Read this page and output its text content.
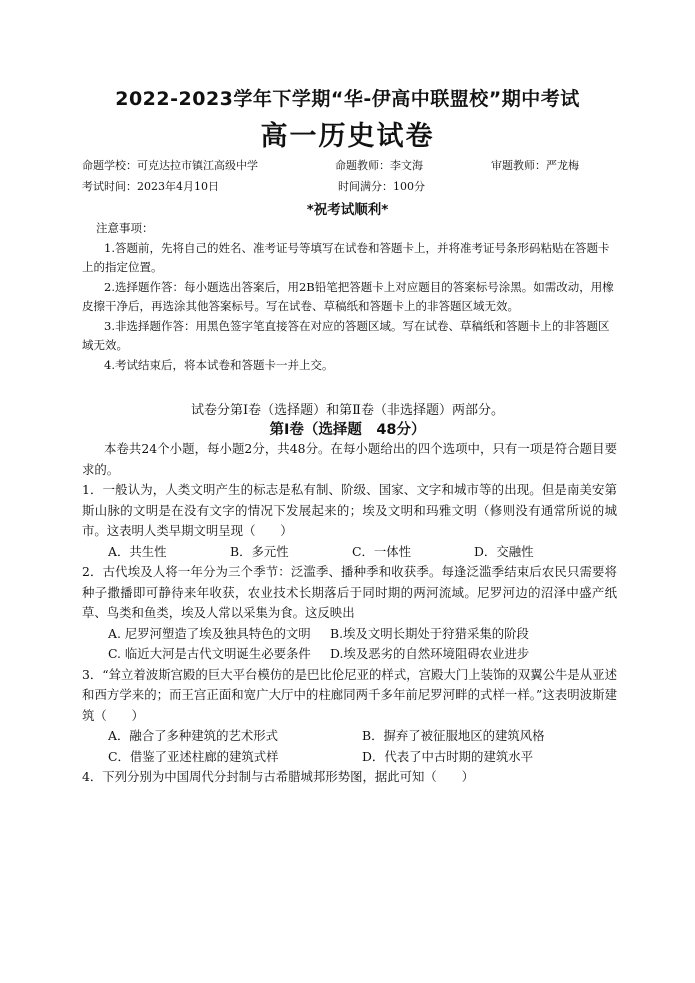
2022-2023学年下学期“华-伊高中联盟校”期中考试
高一历史试卷
命题学校：可克达拉市镇江高级中学	命题教师：李文海	审题教师：严龙梅
考试时间：2023年4月10日	时间满分：100分
*祝考试顺利*

注意事项：

1.答题前，先将自己的姓名、准考证号等填写在试卷和答题卡上，并将准考证号条形码粘贴在答题卡上的指定位置。

2.选择题作答：每小题选出答案后，用2B铅笔把答题卡上对应题目的答案标号涂黑。如需改动，用橡皮擦干净后，再选涂其他答案标号。写在试卷、草稿纸和答题卡上的非答题区域无效。

3.非选择题作答：用黑色签字笔直接答在对应的答题区域。写在试卷、草稿纸和答题卡上的非答题区域无效。

4.考试结束后，将本试卷和答题卡一并上交。

试卷分第Ⅰ卷（选择题）和第Ⅱ卷（非选择题）两部分。
第Ⅰ卷（选择题　48分）

本卷共24个小题，每小题2分，共48分。在每小题给出的四个选项中，只有一项是符合题目要求的。

1．一般认为，人类文明产生的标志是私有制、阶级、国家、文字和城市等的出现。但是南美安第斯山脉的文明是在没有文字的情况下发展起来的；埃及文明和玛雅文明（修则没有通常所说的城市。这表明人类早期文明呈现（　　）

A．共生性	B．多元性	C．一体性	D．交融性

2．古代埃及人将一年分为三个季节：泛滥季、播种季和收获季。每逢泛滥季结束后农民只需要将种子撒播即可静待来年收获，农业技术长期落后于同时期的两河流域。尼罗河边的沼泽中盛产纸草、鸟类和鱼类，埃及人常以采集为食。这反映出

A. 尼罗河塑造了埃及独具特色的文明	B.埃及文明长期处于狩猎采集的阶段
C. 临近大河是古代文明诞生必要条件	D.埃及恶劣的自然环境阻碍农业进步

3．“耸立着波斯宫殿的巨大平台模仿的是巴比伦尼亚的样式，宫殿大门上装饰的双翼公牛是从亚述和西方学来的；而王宫正面和宽广大厅中的柱廊同两千多年前尼罗河畔的式样一样。”这表明波斯建筑（　　）

A．融合了多种建筑的艺术形式	B．摒弃了被征服地区的建筑风格
C．借鉴了亚述柱廊的建筑式样	D．代表了中古时期的建筑水平

4．下列分别为中国周代分封制与古希腊城邦形势图，据此可知（　　）
